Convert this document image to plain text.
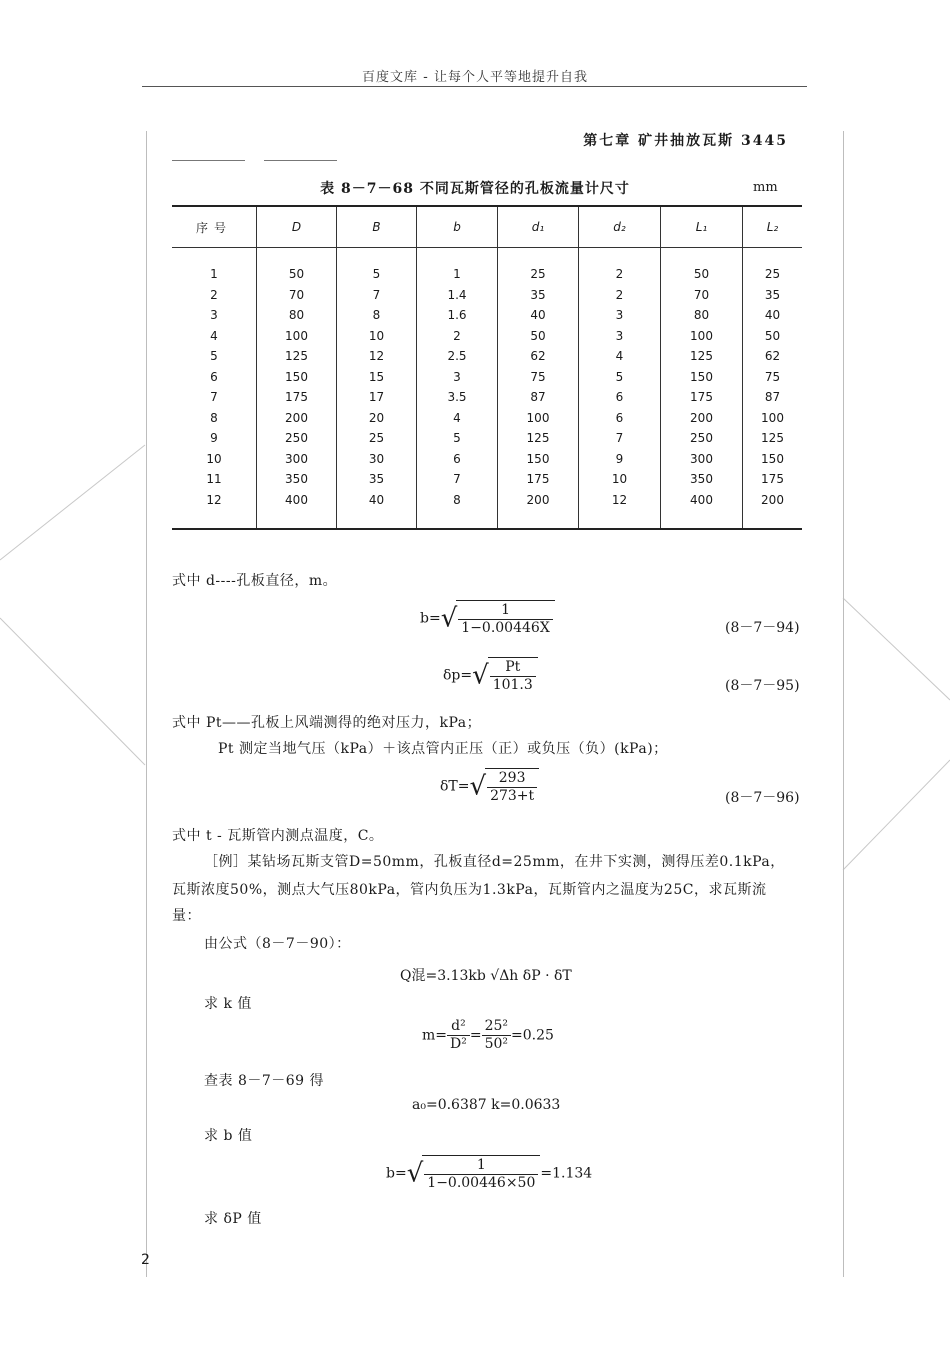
百度文库 - 让每个人平等地提升自我
第七章 矿井抽放瓦斯 3445
表 8－7－68 不同瓦斯管径的孔板流量计尺寸	mm
序号	D	B	b	d₁	d₂	L₁	L₂

1	50	5	1	25	2	50	25
2	70	7	1.4	35	2	70	35
3	80	8	1.6	40	3	80	40
4	100	10	2	50	3	100	50
5	125	12	2.5	62	4	125	62
6	150	15	3	75	5	150	75
7	175	17	3.5	87	6	175	87
8	200	20	4	100	6	200	100
9	250	25	5	125	7	250	125
10	300	30	6	150	9	300	150
11	350	35	7	175	10	350	175
12	400	40	8	200	12	400	200

式中 d----孔板直径，m。
$b=√ \frac{1}{1-0.00446X}$	(8－7－94)
$\delta p=√ \frac{Pt}{101.3}$	(8－7－95)
式中 Pt——孔板上风端测得的绝对压力，kPa；
Pt 测定当地气压（kPa）＋该点管内正压（正）或负压（负）(kPa)；
$\delta T=√ \frac{293}{273+t}$	(8－7－96)
式中 t - 瓦斯管内测点温度，C。
［例］某钻场瓦斯支管D=50mm，孔板直径d=25mm，在井下实测，测得压差0.1kPa，
瓦斯浓度50%，测点大气压80kPa，管内负压为1.3kPa，瓦斯管内之温度为25C，求瓦斯流
量：
由公式（8－7－90）：
Q混=3.13kb √Δh δP · δT
求 k 值
$m= \frac{\text{d²}}{\text{D²}} = \frac{\text{25²}}{\text{50²}} =0.25$
查表 8－7－69 得
a₀=0.6387 k=0.0633
求 b 值
$b=√ \frac{1}{1-0.00446\times 50} =1.134$
求 δP 值
2
